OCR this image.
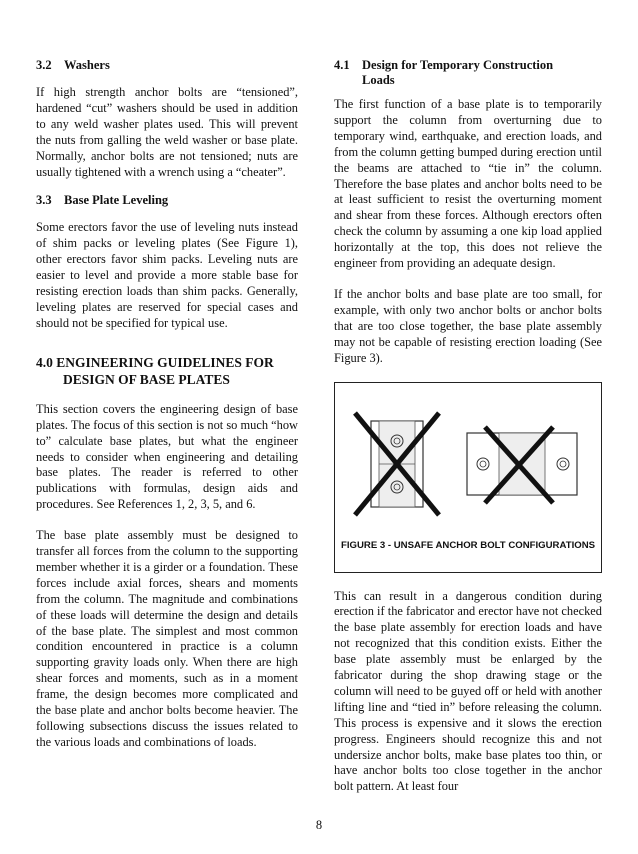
3.2 Washers

If high strength anchor bolts are “tensioned”, hardened “cut” washers should be used in addition to any weld washer plates used. This will prevent the nuts from galling the weld washer or base plate. Normally, anchor bolts are not tensioned; nuts are usually tightened with a wrench using a “cheater”.

3.3 Base Plate Leveling

Some erectors favor the use of leveling nuts instead of shim packs or leveling plates (See Figure 1), other erectors favor shim packs. Leveling nuts are easier to level and provide a more stable base for resisting erection loads than shim packs. Generally, leveling plates are reserved for special cases and should not be specified for typical use.

4.0 ENGINEERING GUIDELINES FOR
DESIGN OF BASE PLATES

This section covers the engineering design of base plates. The focus of this section is not so much “how to” calculate base plates, but what the engineer needs to consider when engineering and detailing base plates. The reader is referred to other publications with formulas, design aids and procedures. See References 1, 2, 3, 5, and 6.

The base plate assembly must be designed to transfer all forces from the column to the supporting member whether it is a girder or a foundation. These forces include axial forces, shears and moments from the column. The magnitude and combinations of these loads will determine the design and details of the base plate. The simplest and most common condition encountered in practice is a column supporting gravity loads only. When there are high shear forces and moments, such as in a moment frame, the design becomes more complicated and the base plate and anchor bolts become heavier. The following subsections discuss the issues related to the various loads and combinations of loads.

4.1 Design for Temporary Construction
Loads

The first function of a base plate is to temporarily support the column from overturning due to temporary wind, earthquake, and erection loads, and from the column getting bumped during erection until the beams are attached to “tie in” the column. Therefore the base plates and anchor bolts need to be at least sufficient to resist the overturning moment and shear from these forces. Although erectors often check the column by assuming a one kip load applied horizontally at the top, this does not relieve the engineer from providing an adequate design.

If the anchor bolts and base plate are too small, for example, with only two anchor bolts or anchor bolts that are too close together, the base plate assembly may not be capable of resisting erection loading (See Figure 3).

FIGURE 3 - UNSAFE ANCHOR BOLT CONFIGURATIONS

This can result in a dangerous condition during erection if the fabricator and erector have not checked the base plate assembly for erection loads and have not recognized that this condition exists. Either the base plate assembly must be enlarged by the fabricator during the shop drawing stage or the column will need to be guyed off or held with another lifting line and “tied in” before releasing the column. This process is expensive and it slows the erection progress. Engineers should recognize this and not undersize anchor bolts, make base plates too thin, or have anchor bolts too close together in the anchor bolt pattern. At least four

8
